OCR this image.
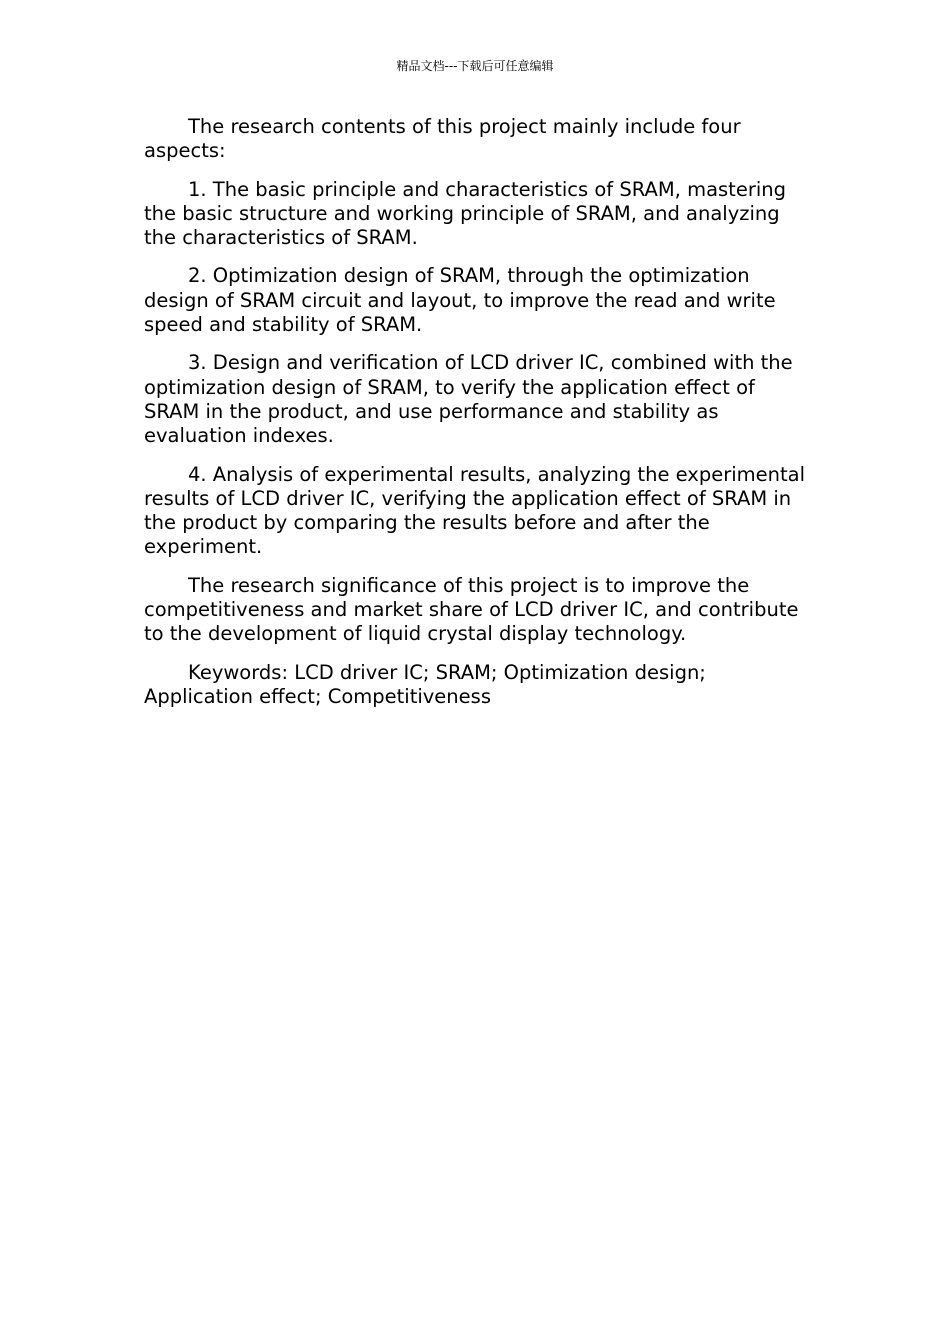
精品文档---下载后可任意编辑

The research contents of this project mainly include four aspects:

1. The basic principle and characteristics of SRAM, mastering the basic structure and working principle of SRAM, and analyzing the characteristics of SRAM.

2. Optimization design of SRAM, through the optimization design of SRAM circuit and layout, to improve the read and write speed and stability of SRAM.

3. Design and verification of LCD driver IC, combined with the optimization design of SRAM, to verify the application effect of SRAM in the product, and use performance and stability as evaluation indexes.

4. Analysis of experimental results, analyzing the experimental results of LCD driver IC, verifying the application effect of SRAM in the product by comparing the results before and after the experiment.

The research significance of this project is to improve the competitiveness and market share of LCD driver IC, and contribute to the development of liquid crystal display technology.

Keywords: LCD driver IC; SRAM; Optimization design; Application effect; Competitiveness
